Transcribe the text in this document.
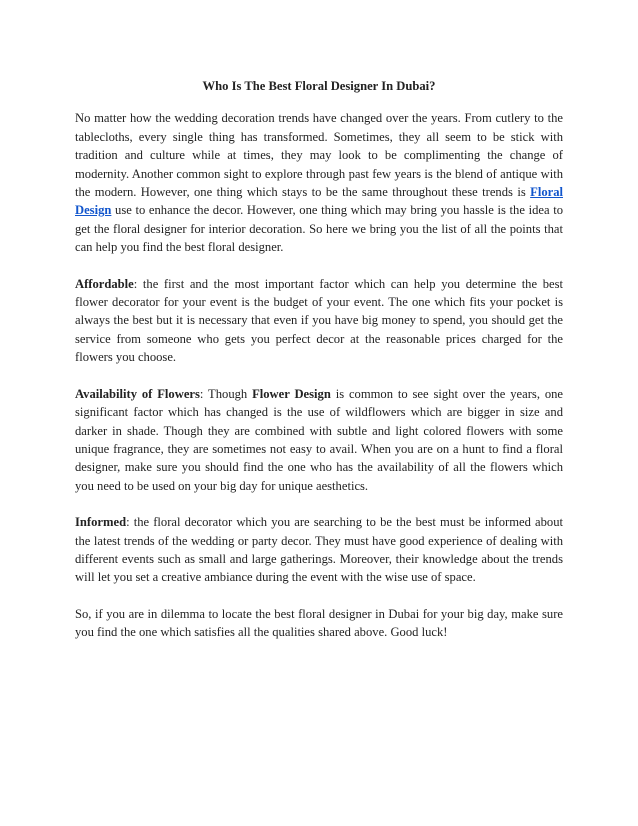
Who Is The Best Floral Designer In Dubai?
No matter how the wedding decoration trends have changed over the years. From cutlery to the tablecloths, every single thing has transformed. Sometimes, they all seem to be stick with tradition and culture while at times, they may look to be complimenting the change of modernity. Another common sight to explore through past few years is the blend of antique with the modern. However, one thing which stays to be the same throughout these trends is Floral Design use to enhance the decor. However, one thing which may bring you hassle is the idea to get the floral designer for interior decoration. So here we bring you the list of all the points that can help you find the best floral designer.
Affordable: the first and the most important factor which can help you determine the best flower decorator for your event is the budget of your event. The one which fits your pocket is always the best but it is necessary that even if you have big money to spend, you should get the service from someone who gets you perfect decor at the reasonable prices charged for the flowers you choose.
Availability of Flowers: Though Flower Design is common to see sight over the years, one significant factor which has changed is the use of wildflowers which are bigger in size and darker in shade. Though they are combined with subtle and light colored flowers with some unique fragrance, they are sometimes not easy to avail. When you are on a hunt to find a floral designer, make sure you should find the one who has the availability of all the flowers which you need to be used on your big day for unique aesthetics.
Informed: the floral decorator which you are searching to be the best must be informed about the latest trends of the wedding or party decor. They must have good experience of dealing with different events such as small and large gatherings. Moreover, their knowledge about the trends will let you set a creative ambiance during the event with the wise use of space.
So, if you are in dilemma to locate the best floral designer in Dubai for your big day, make sure you find the one which satisfies all the qualities shared above. Good luck!
